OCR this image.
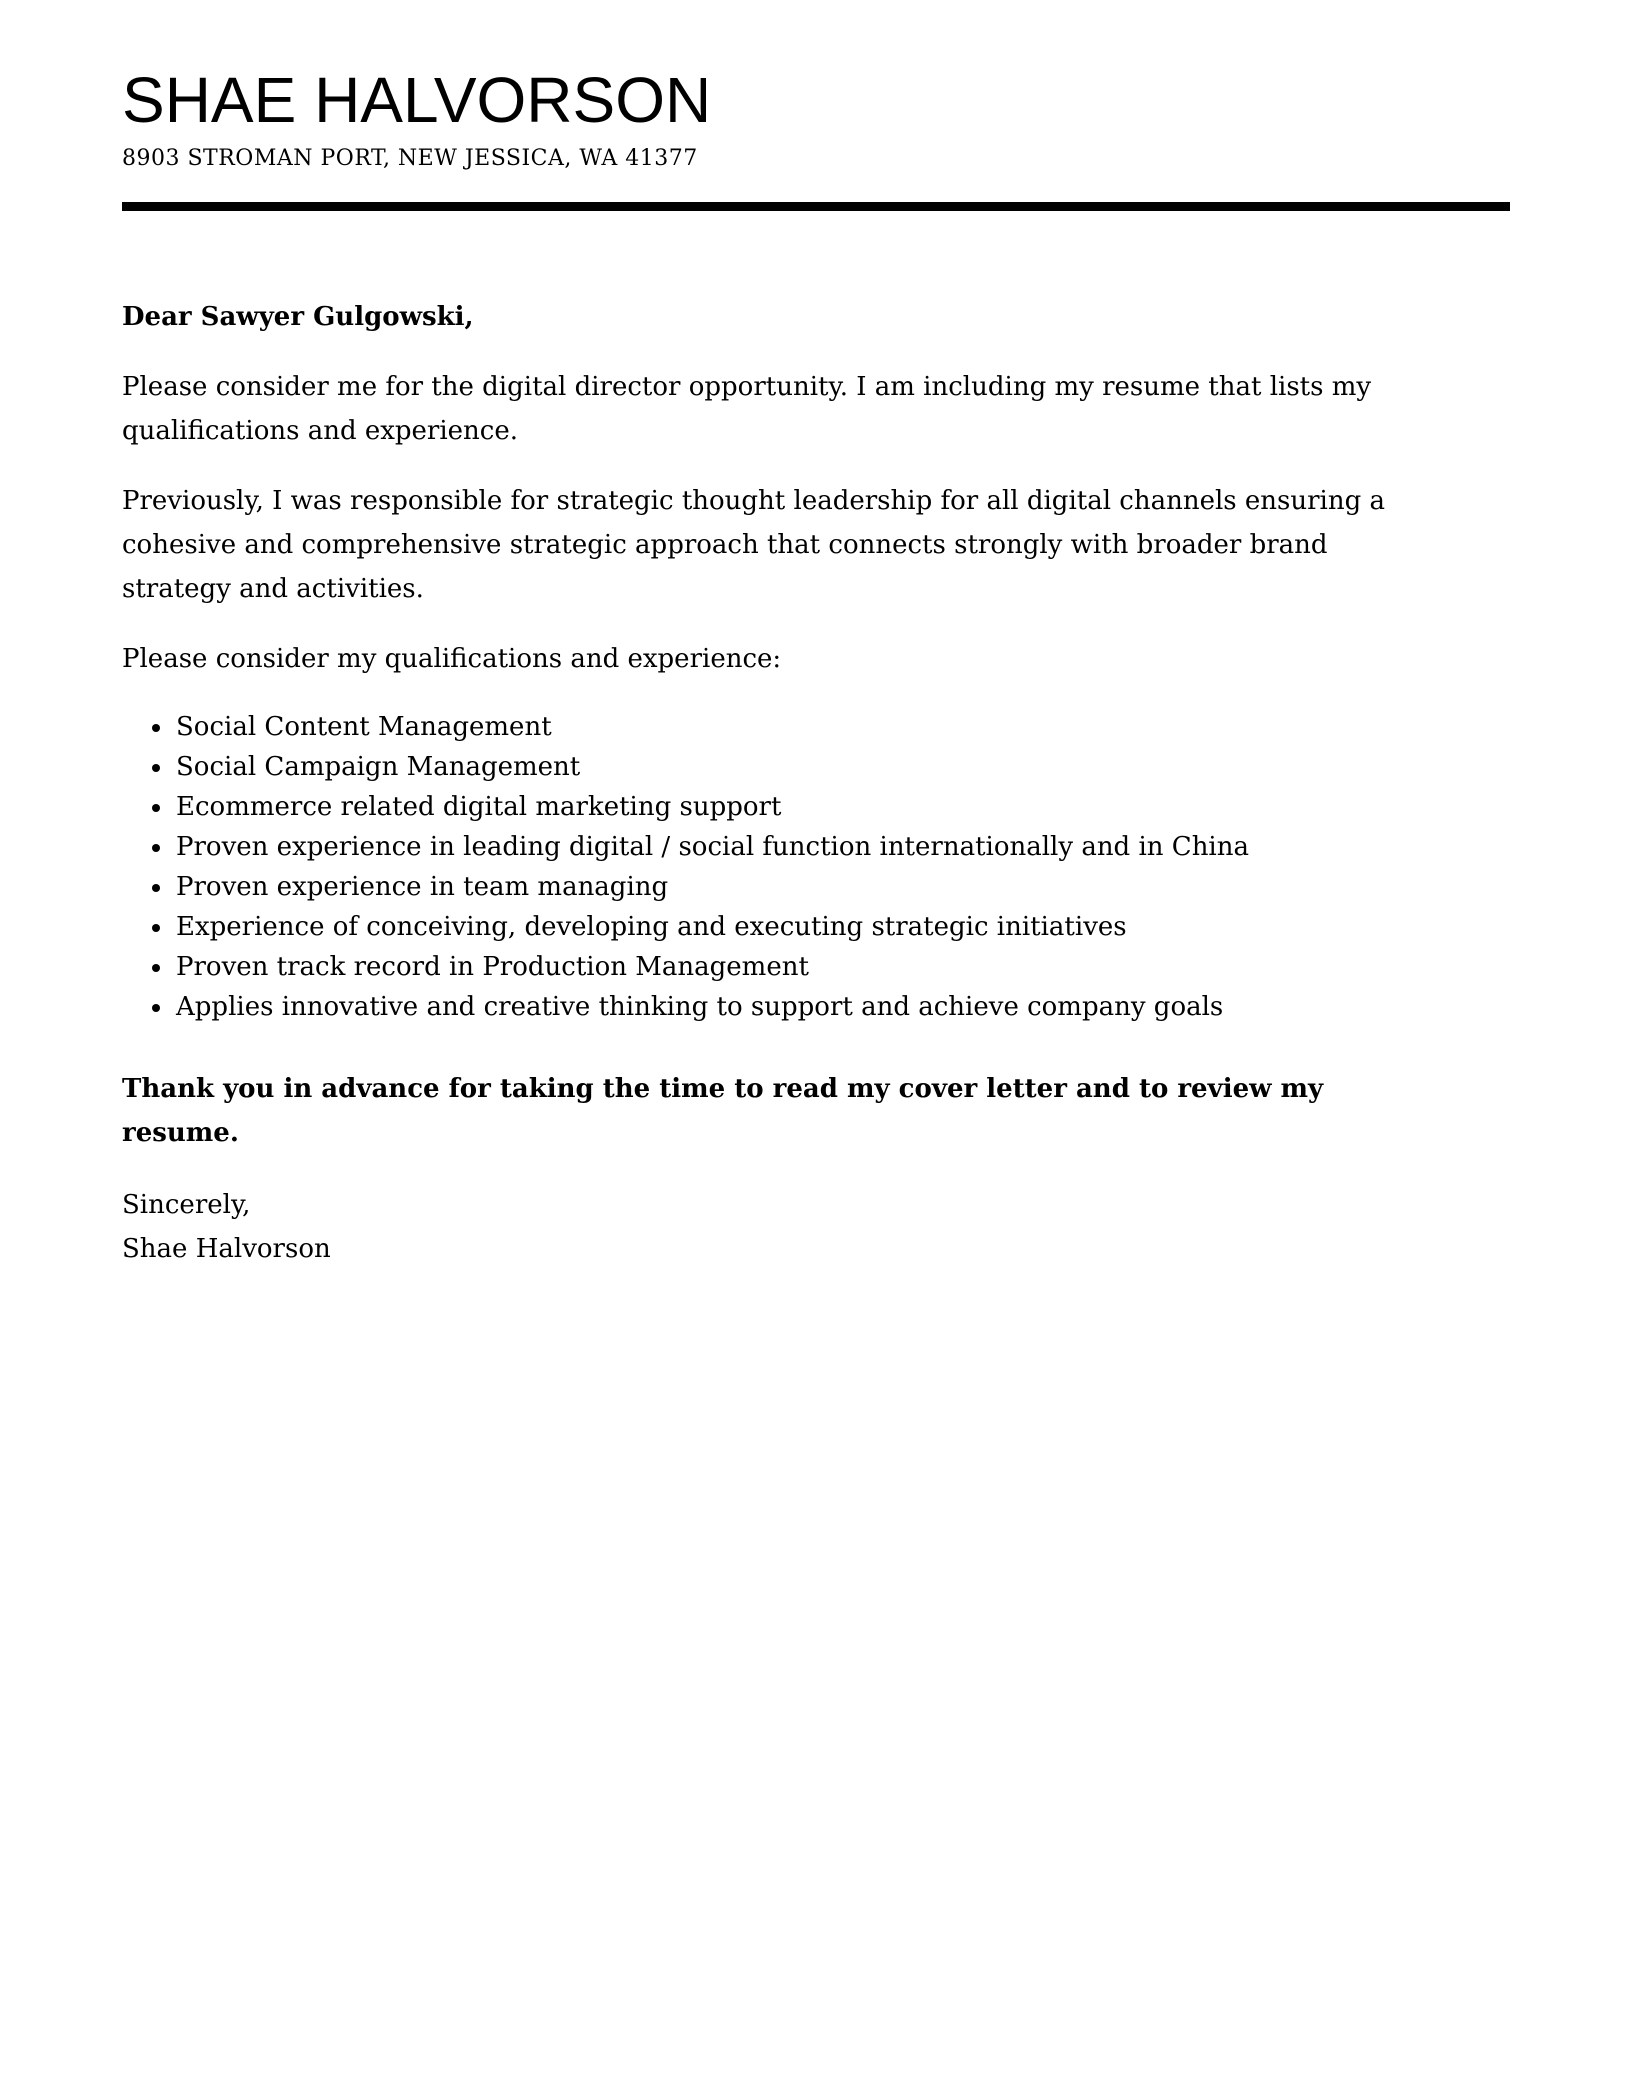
SHAE HALVORSON
8903 STROMAN PORT, NEW JESSICA, WA 41377

Dear Sawyer Gulgowski,

Please consider me for the digital director opportunity. I am including my resume that lists my qualifications and experience.

Previously, I was responsible for strategic thought leadership for all digital channels ensuring a cohesive and comprehensive strategic approach that connects strongly with broader brand strategy and activities.

Please consider my qualifications and experience:

• Social Content Management
• Social Campaign Management
• Ecommerce related digital marketing support
• Proven experience in leading digital / social function internationally and in China
• Proven experience in team managing
• Experience of conceiving, developing and executing strategic initiatives
• Proven track record in Production Management
• Applies innovative and creative thinking to support and achieve company goals

Thank you in advance for taking the time to read my cover letter and to review my resume.

Sincerely,
Shae Halvorson
